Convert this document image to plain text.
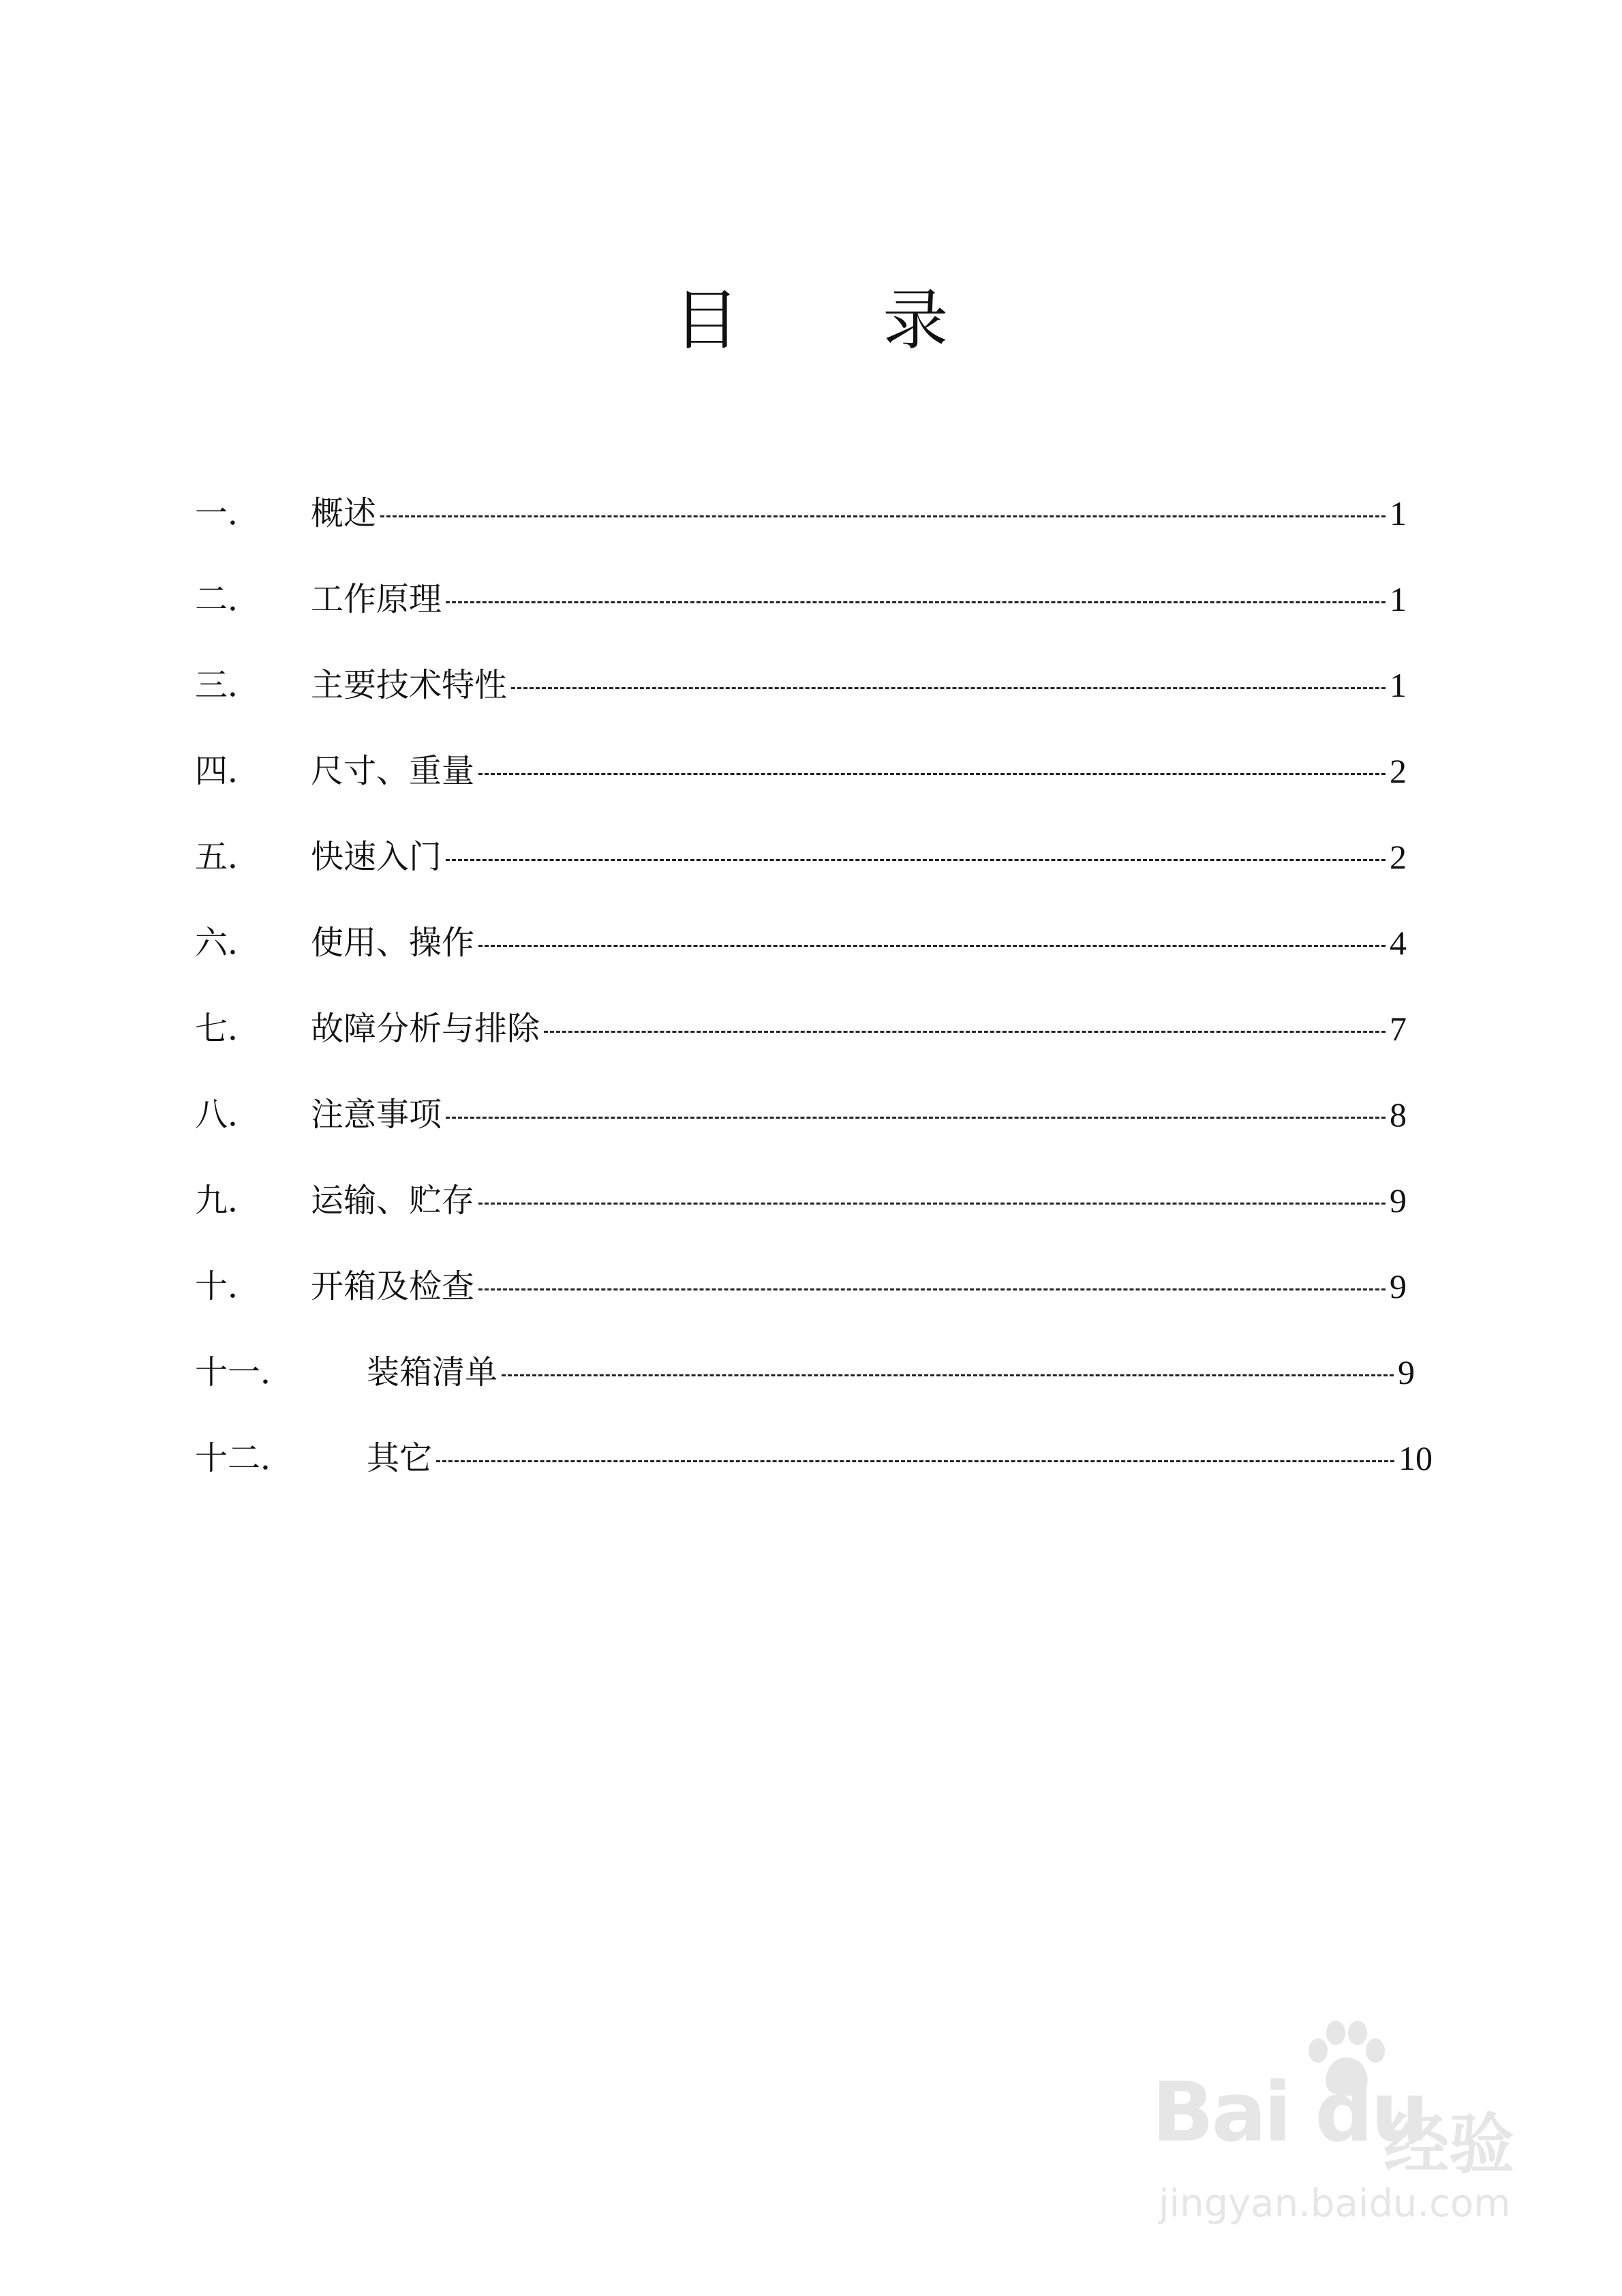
目 录
一．	概述	1
二．	工作原理	1
三．	主要技术特性	1
四．	尺寸、重量	2
五．	快速入门	2
六．	使用、操作	4
七．	故障分析与排除	7
八．	注意事项	8
九．	运输、贮存	9
十．	开箱及检查	9
十一．	装箱清单	9
十二．	其它	10
Bai du
经验
jingyan.baidu.com
